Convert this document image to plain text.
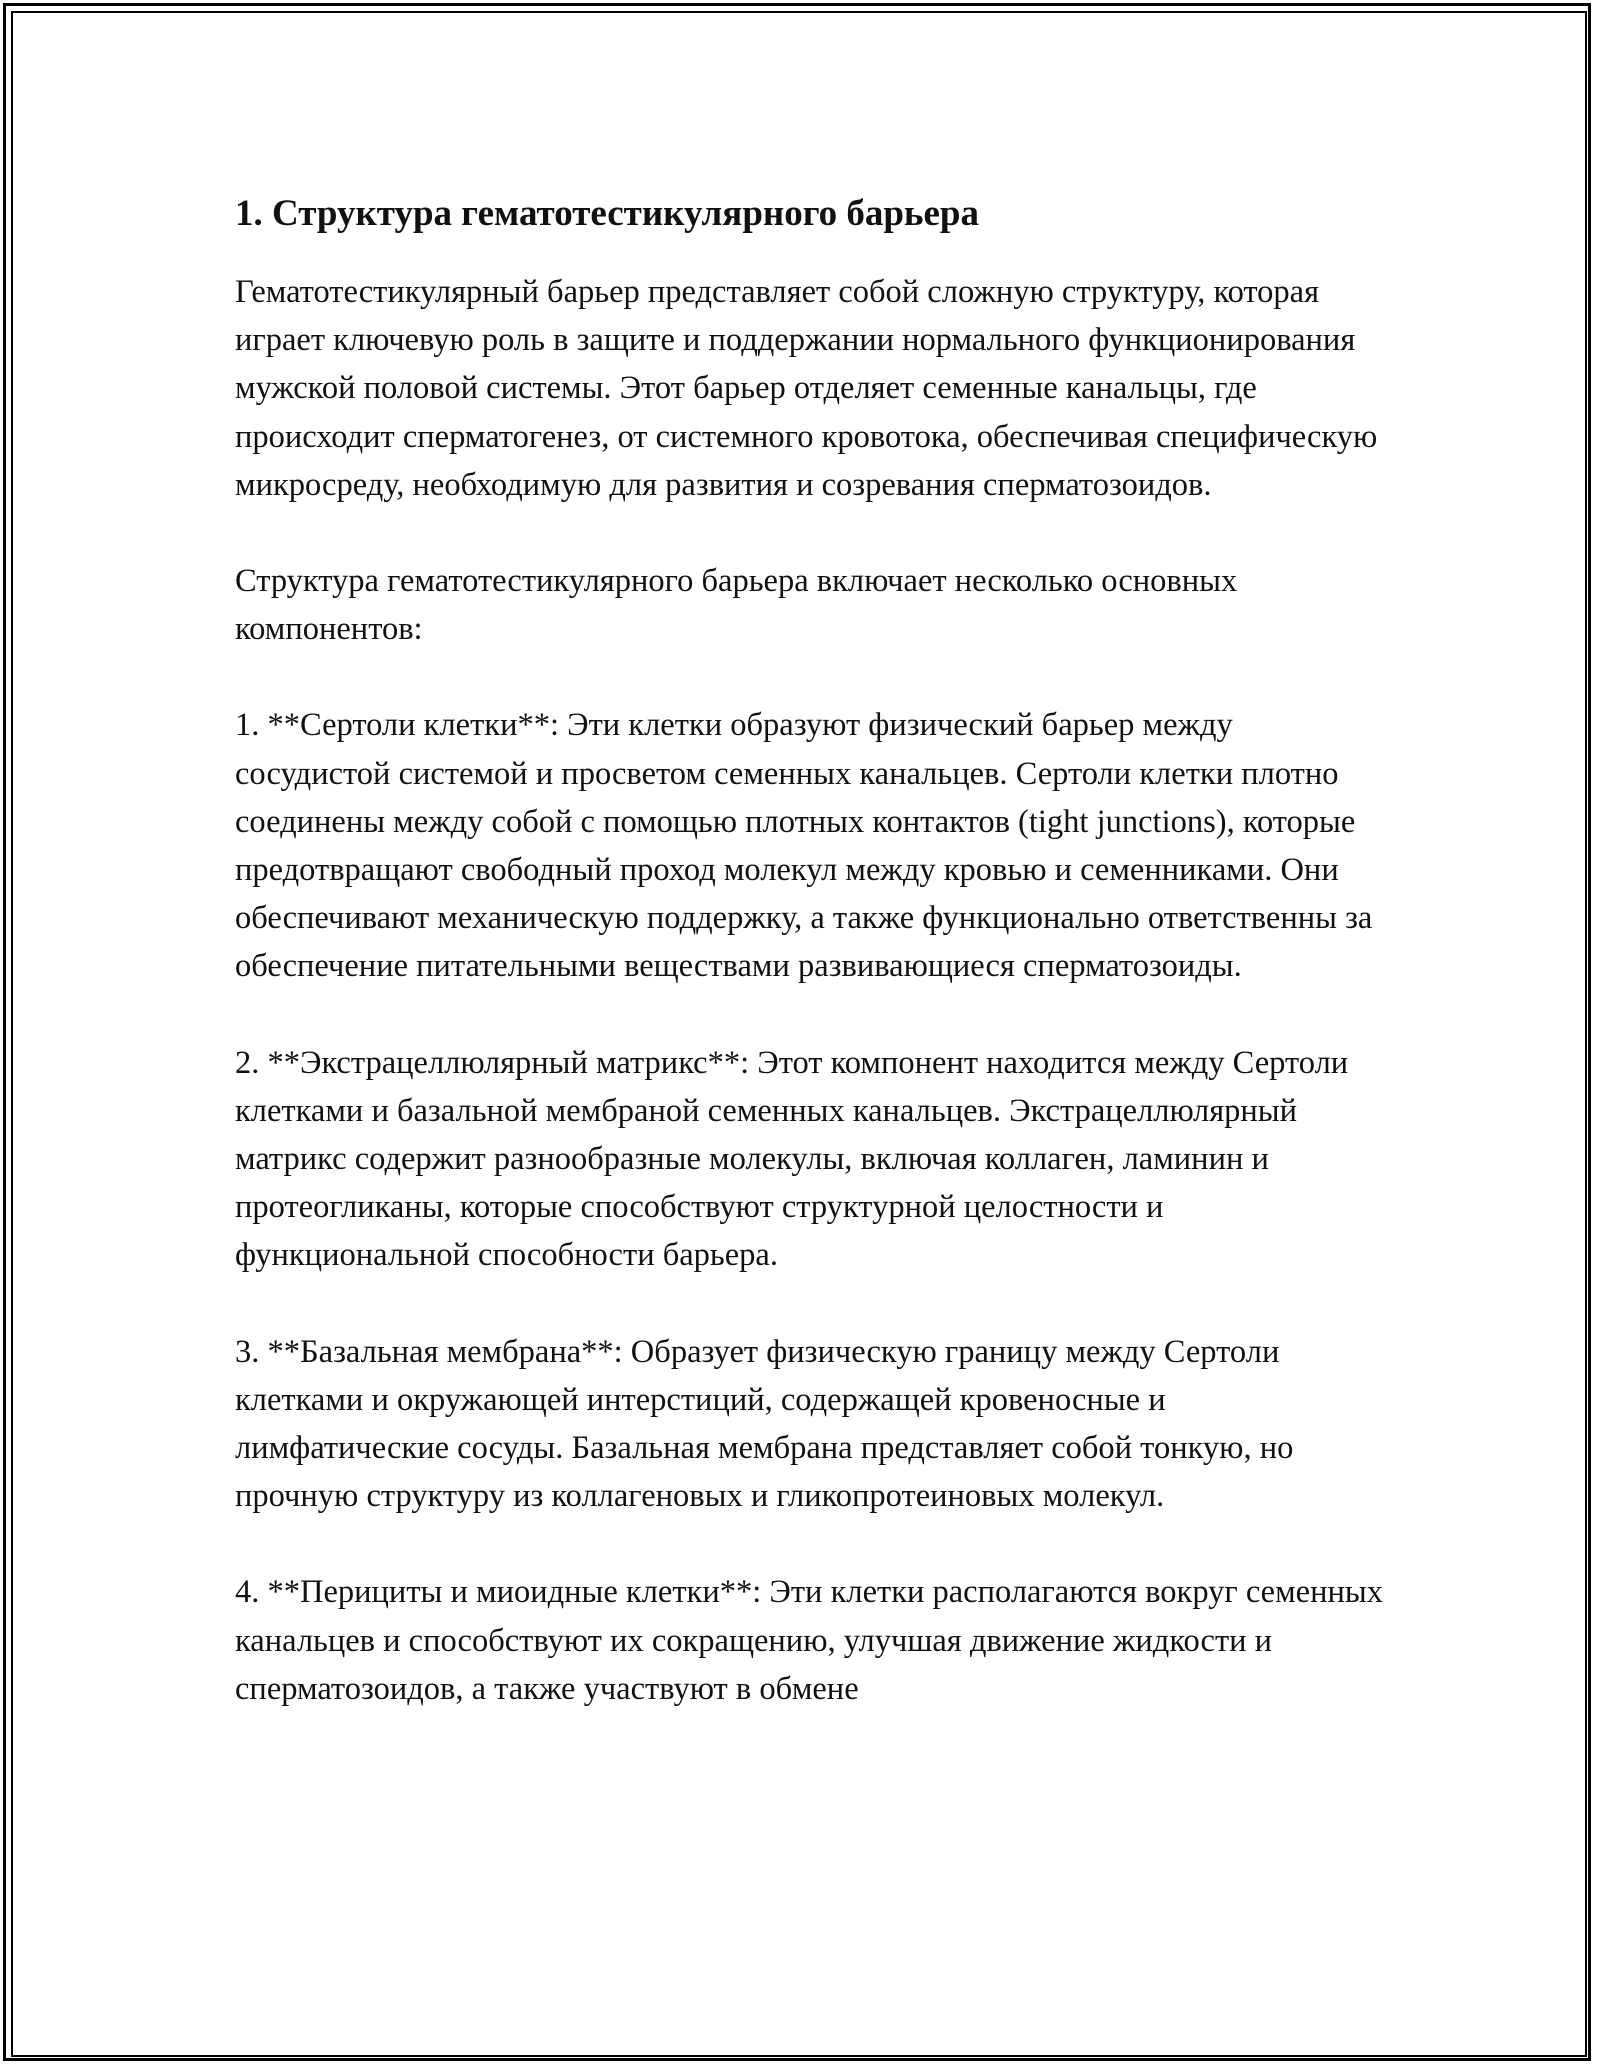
1. Структура гематотестикулярного барьера

Гематотестикулярный барьер представляет собой сложную структуру, которая играет ключевую роль в защите и поддержании нормального функционирования мужской половой системы. Этот барьер отделяет семенные канальцы, где происходит сперматогенез, от системного кровотока, обеспечивая специфическую микросреду, необходимую для развития и созревания сперматозоидов.

Структура гематотестикулярного барьера включает несколько основных компонентов:

1. **Сертоли клетки**: Эти клетки образуют физический барьер между сосудистой системой и просветом семенных канальцев. Сертоли клетки плотно соединены между собой с помощью плотных контактов (tight junctions), которые предотвращают свободный проход молекул между кровью и семенниками. Они обеспечивают механическую поддержку, а также функционально ответственны за обеспечение питательными веществами развивающиеся сперматозоиды.

2. **Экстрацеллюлярный матрикс**: Этот компонент находится между Сертоли клетками и базальной мембраной семенных канальцев. Экстрацеллюлярный матрикс содержит разнообразные молекулы, включая коллаген, ламинин и протеогликаны, которые способствуют структурной целостности и функциональной способности барьера.

3. **Базальная мембрана**: Образует физическую границу между Сертоли клетками и окружающей интерстиций, содержащей кровеносные и лимфатические сосуды. Базальная мембрана представляет собой тонкую, но прочную структуру из коллагеновых и гликопротеиновых молекул.

4. **Перициты и миоидные клетки**: Эти клетки располагаются вокруг семенных канальцев и способствуют их сокращению, улучшая движение жидкости и сперматозоидов, а также участвуют в обмене
